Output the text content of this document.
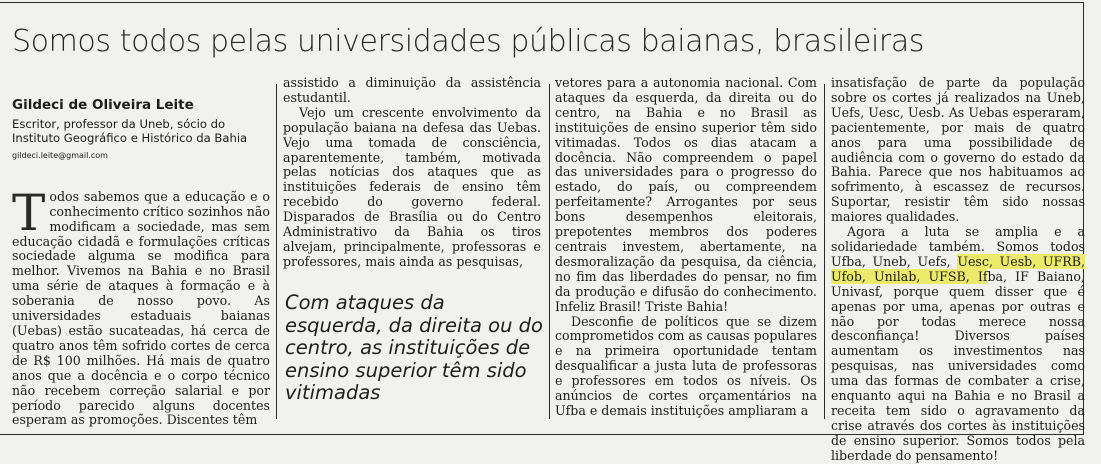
Somos todos pelas universidades públicas baianas, brasileiras
Gildeci de Oliveira Leite
Escritor, professor da Uneb, sócio do Instituto Geográfico e Histórico da Bahia
gildeci.leite@gmail.com

Todos sabemos que a educação e o conhecimento crítico sozinhos não modificam a sociedade, mas sem educação cidadã e formulações críticas sociedade alguma se modifica para melhor. Vivemos na Bahia e no Brasil uma série de ataques à formação e à soberania de nosso povo. As universidades estaduais baianas (Uebas) estão sucateadas, há cerca de quatro anos têm sofrido cortes de cerca de R$ 100 milhões. Há mais de quatro anos que a docência e o corpo técnico não recebem correção salarial e por período parecido alguns docentes esperam as promoções. Discentes têm

assistido a diminuição da assistência estudantil.

Vejo um crescente envolvimento da população baiana na defesa das Uebas. Vejo uma tomada de consciência, aparentemente, também, motivada pelas notícias dos ataques que as instituições federais de ensino têm recebido do governo federal. Disparados de Brasília ou do Centro Administrativo da Bahia os tiros alvejam, principalmente, professoras e professores, mais ainda as pesquisas,

vetores para a autonomia nacional. Com ataques da esquerda, da direita ou do centro, na Bahia e no Brasil as instituições de ensino superior têm sido vitimadas. Todos os dias atacam a docência. Não compreendem o papel das universidades para o progresso do estado, do país, ou compreendem perfeitamente? Arrogantes por seus bons desempenhos eleitorais, prepotentes membros dos poderes centrais investem, abertamente, na desmoralização da pesquisa, da ciência, no fim das liberdades do pensar, no fim da produção e difusão do conhecimento. Infeliz Brasil! Triste Bahia!

Desconfie de políticos que se dizem comprometidos com as causas populares e na primeira oportunidade tentam desqualificar a justa luta de professoras e professores em todos os níveis. Os anúncios de cortes orçamentários na Ufba e demais instituições ampliaram a

insatisfação de parte da população sobre os cortes já realizados na Uneb, Uefs, Uesc, Uesb. As Uebas esperaram, pacientemente, por mais de quatro anos para uma possibilidade de audiência com o governo do estado da Bahia. Parece que nos habituamos ao sofrimento, à escassez de recursos. Suportar, resistir têm sido nossas maiores qualidades.

Agora a luta se amplia e a solidariedade também. Somos todos Ufba, Uneb, Uefs, Uesc, Uesb, UFRB, Ufob, Unilab, UFSB, Ifba, IF Baiano, Univasf, porque quem disser que é apenas por uma, apenas por outras e não por todas merece nossa desconfiança! Diversos países aumentam os investimentos nas pesquisas, nas universidades como uma das formas de combater a crise, enquanto aqui na Bahia e no Brasil a receita tem sido o agravamento da crise através dos cortes às instituições de ensino superior. Somos todos pela liberdade do pensamento!

Com ataques da esquerda, da direita ou do centro, as instituições de ensino superior têm sido vitimadas
